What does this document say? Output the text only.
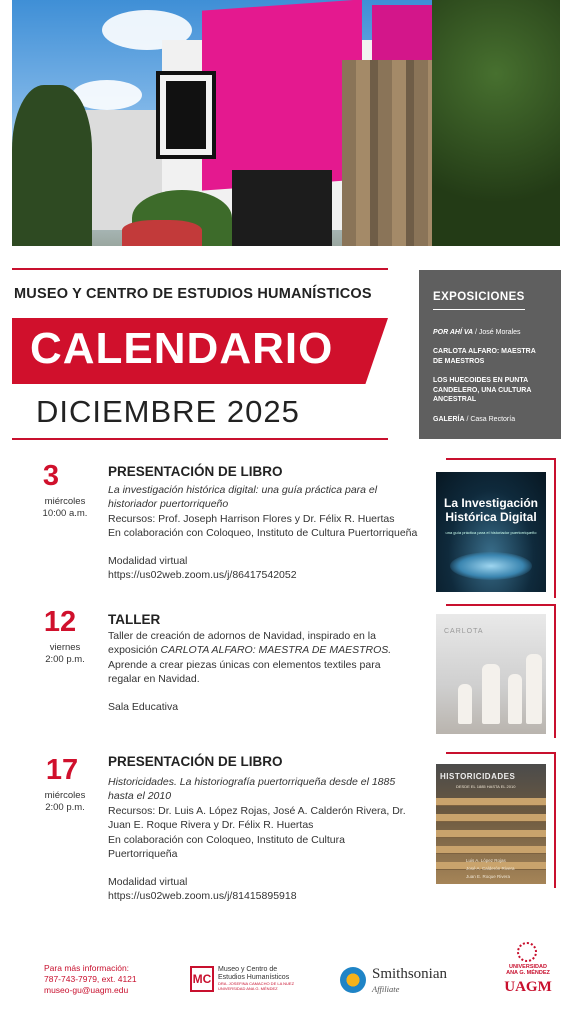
MUSEO Y CENTRO DE ESTUDIOS HUMANÍSTICOS
CALENDARIO
DICIEMBRE 2025
EXPOSICIONES
POR AHÍ VA / José Morales
CARLOTA ALFARO: MAESTRA DE MAESTROS
LOS HUECOIDES EN PUNTA CANDELERO, UNA CULTURA ANCESTRAL
GALERÍA / Casa Rectoría
3
miércoles
10:00 a.m.
PRESENTACIÓN DE LIBRO
La investigación histórica digital: una guía práctica para el historiador puertorriqueño
Recursos: Prof. Joseph Harrison Flores y Dr. Félix R. Huertas
En colaboración con Coloqueo, Instituto de Cultura Puertorriqueña
Modalidad virtual
https://us02web.zoom.us/j/86417542052
La Investigación Histórica Digital
una guía práctica para el historiador puertorriqueño
12
viernes
2:00 p.m.
TALLER
Taller de creación de adornos de Navidad, inspirado en la exposición CARLOTA ALFARO: MAESTRA DE MAESTROS. Aprende a crear piezas únicas con elementos textiles para regalar en Navidad.
Sala Educativa
CARLOTA
17
miércoles
2:00 p.m.
PRESENTACIÓN DE LIBRO
Historicidades. La historiografía puertorriqueña desde el 1885 hasta el 2010
Recursos: Dr. Luis A. López Rojas, José A. Calderón Rivera, Dr. Juan E. Roque Rivera y Dr. Félix R. Huertas
En colaboración con Coloqueo, Instituto de Cultura Puertorriqueña
Modalidad virtual
https://us02web.zoom.us/j/81415895918
HISTORICIDADES
DESDE EL 1885 HASTA EL 2010
Luis A. López Rojas
José A. Calderón Rivera
Juan E. Roque Rivera
Para más información:
787-743-7979, ext. 4121
museo-gu@uagm.edu
MC
Museo y Centro de
Estudios Humanísticos
DRA. JOSEFINA CAMACHO DE LA NUEZ
UNIVERSIDAD ANA G. MÉNDEZ
Smithsonian
Affiliate
UNIVERSIDAD
ANA G. MÉNDEZ
UAGM
